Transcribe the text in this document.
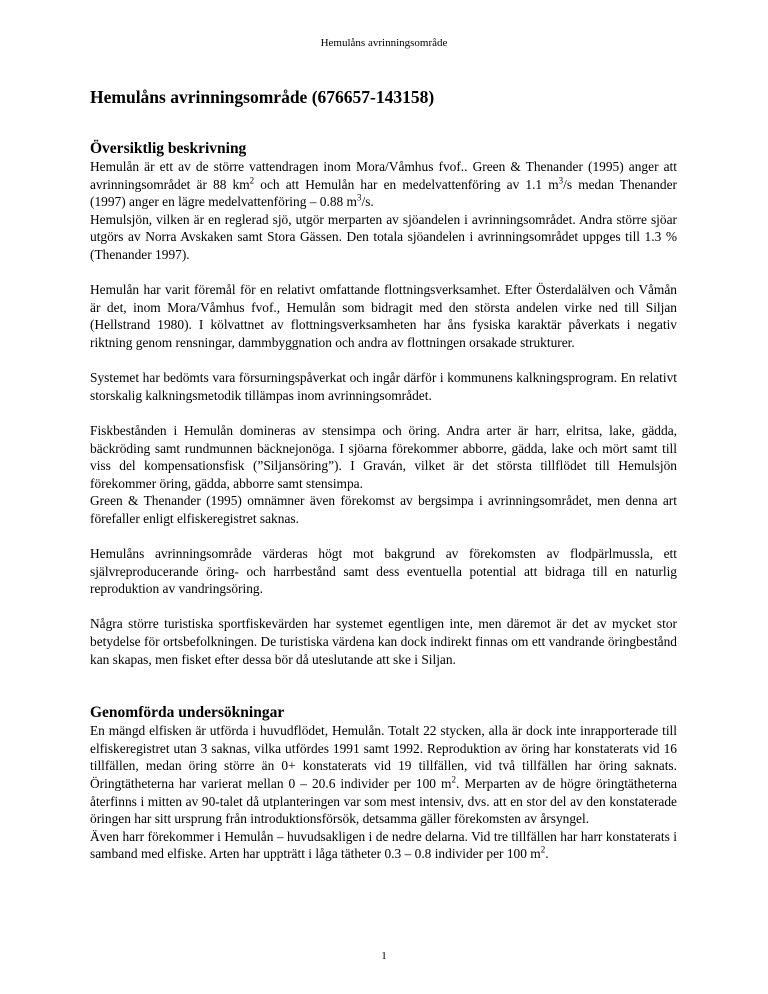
Hemulåns avrinningsområde
Hemulåns avrinningsområde (676657-143158)
Översiktlig beskrivning

Hemulån är ett av de större vattendragen inom Mora/Våmhus fvof.. Green & Thenander (1995) anger att avrinningsområdet är 88 $km^2$ och att Hemulån har en medelvattenföring av 1.1 $m^3/s$ medan Thenander (1997) anger en lägre medelvattenföring – 0.88 $m^3/s$.

Hemulsjön, vilken är en reglerad sjö, utgör merparten av sjöandelen i avrinningsområdet. Andra större sjöar utgörs av Norra Avskaken samt Stora Gässen. Den totala sjöandelen i avrinningsområdet uppges till 1.3 % (Thenander 1997).

Hemulån har varit föremål för en relativt omfattande flottningsverksamhet. Efter Österdalälven och Våmån är det, inom Mora/Våmhus fvof., Hemulån som bidragit med den största andelen virke ned till Siljan (Hellstrand 1980). I kölvattnet av flottningsverksamheten har åns fysiska karaktär påverkats i negativ riktning genom rensningar, dammbyggnation och andra av flottningen orsakade strukturer.

Systemet har bedömts vara försurningspåverkat och ingår därför i kommunens kalkningsprogram. En relativt storskalig kalkningsmetodik tillämpas inom avrinningsområdet.

Fiskbestånden i Hemulån domineras av stensimpa och öring. Andra arter är harr, elritsa, lake, gädda, bäckröding samt rundmunnen bäcknejonöga. I sjöarna förekommer abborre, gädda, lake och mört samt till viss del kompensationsfisk (”Siljansöring”). I Graván, vilket är det största tillflödet till Hemulsjön förekommer öring, gädda, abborre samt stensimpa.

Green & Thenander (1995) omnämner även förekomst av bergsimpa i avrinningsområdet, men denna art förefaller enligt elfiskeregistret saknas.

Hemulåns avrinningsområde värderas högt mot bakgrund av förekomsten av flodpärlmussla, ett självreproducerande öring- och harrbestånd samt dess eventuella potential att bidraga till en naturlig reproduktion av vandringsöring.

Några större turistiska sportfiskevärden har systemet egentligen inte, men däremot är det av mycket stor betydelse för ortsbefolkningen. De turistiska värdena kan dock indirekt finnas om ett vandrande öringbestånd kan skapas, men fisket efter dessa bör då uteslutande att ske i Siljan.

Genomförda undersökningar

En mängd elfisken är utförda i huvudflödet, Hemulån. Totalt 22 stycken, alla är dock inte inrapporterade till elfiskeregistret utan 3 saknas, vilka utfördes 1991 samt 1992. Reproduktion av öring har konstaterats vid 16 tillfällen, medan öring större än 0+ konstaterats vid 19 tillfällen, vid två tillfällen har öring saknats. Öringtätheterna har varierat mellan 0 – 20.6 individer per 100 $m^2$. Merparten av de högre öringtätheterna återfinns i mitten av 90-talet då utplanteringen var som mest intensiv, dvs. att en stor del av den konstaterade öringen har sitt ursprung från introduktionsförsök, detsamma gäller förekomsten av årsyngel.

Även harr förekommer i Hemulån – huvudsakligen i de nedre delarna. Vid tre tillfällen har harr konstaterats i samband med elfiske. Arten har uppträtt i låga tätheter 0.3 – 0.8 individer per 100 $m^2$.

1
